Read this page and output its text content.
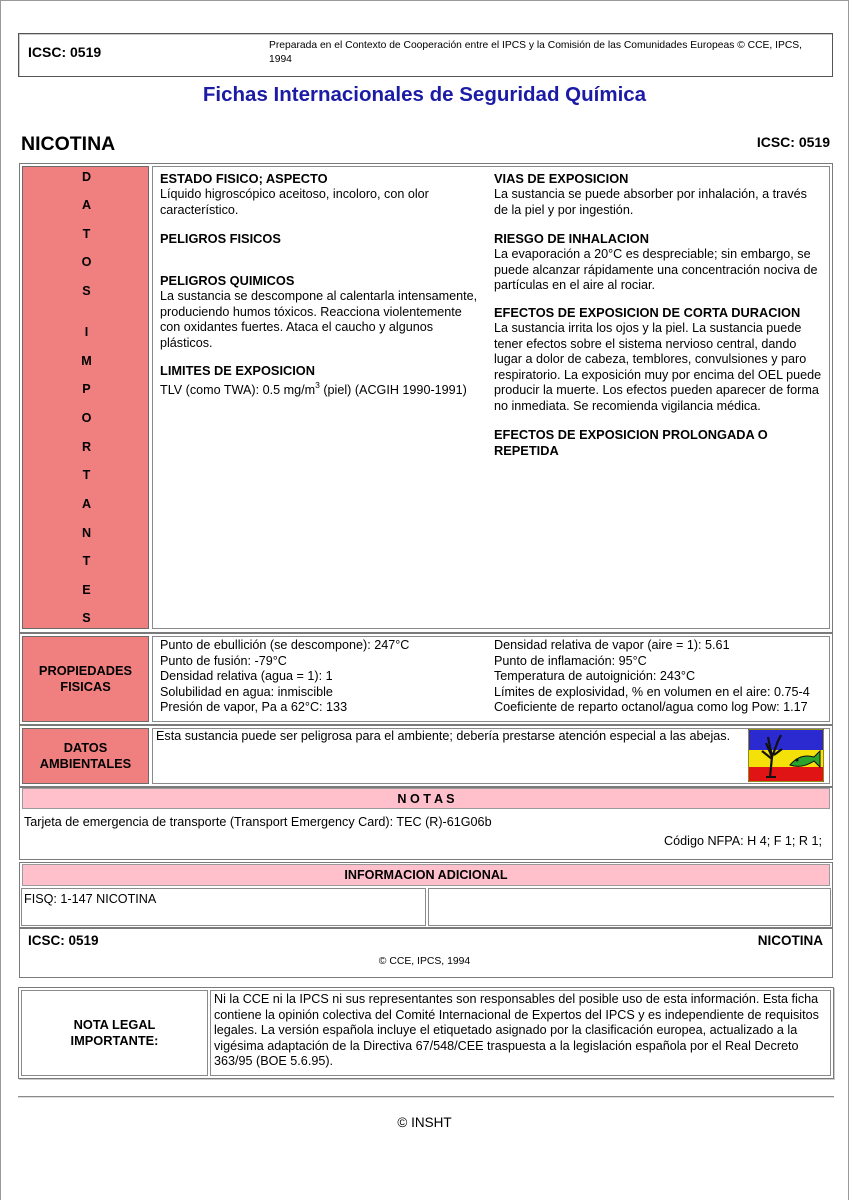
ICSC: 0519	Preparada en el Contexto de Cooperación entre el IPCS y la Comisión de las Comunidades Europeas © CCE, IPCS, 1994
Fichas Internacionales de Seguridad Química
NICOTINA	ICSC: 0519
D
A
T
O
S
I
M
P
O
R
T
A
N
T
E
S
ESTADO FISICO; ASPECTO
Líquido higroscópico aceitoso, incoloro, con olor característico.
PELIGROS FISICOS
PELIGROS QUIMICOS
La sustancia se descompone al calentarla intensamente, produciendo humos tóxicos. Reacciona violentemente con oxidantes fuertes. Ataca el caucho y algunos plásticos.
LIMITES DE EXPOSICION
TLV (como TWA): 0.5 $mg/m^3$ (piel) (ACGIH 1990-1991)
VIAS DE EXPOSICION
La sustancia se puede absorber por inhalación, a través de la piel y por ingestión.
RIESGO DE INHALACION
La evaporación a 20°C es despreciable; sin embargo, se puede alcanzar rápidamente una concentración nociva de partículas en el aire al rociar.
EFECTOS DE EXPOSICION DE CORTA DURACION
La sustancia irrita los ojos y la piel. La sustancia puede tener efectos sobre el sistema nervioso central, dando lugar a dolor de cabeza, temblores, convulsiones y paro respiratorio. La exposición muy por encima del OEL puede producir la muerte. Los efectos pueden aparecer de forma no inmediata. Se recomienda vigilancia médica.
EFECTOS DE EXPOSICION PROLONGADA O REPETIDA
PROPIEDADES FISICAS
Punto de ebullición (se descompone): 247°C
Punto de fusión: -79°C
Densidad relativa (agua = 1): 1
Solubilidad en agua: inmiscible
Presión de vapor, Pa a 62°C: 133
Densidad relativa de vapor (aire = 1): 5.61
Punto de inflamación: 95°C
Temperatura de autoignición: 243°C
Límites de explosividad, % en volumen en el aire: 0.75-4
Coeficiente de reparto octanol/agua como log Pow: 1.17
DATOS AMBIENTALES
Esta sustancia puede ser peligrosa para el ambiente; debería prestarse atención especial a las abejas.
N O T A S
Tarjeta de emergencia de transporte (Transport Emergency Card): TEC (R)-61G06b
Código NFPA: H 4; F 1; R 1;
INFORMACION ADICIONAL
FISQ: 1-147 NICOTINA
ICSC: 0519	NICOTINA
© CCE, IPCS, 1994
NOTA LEGAL IMPORTANTE:
Ni la CCE ni la IPCS ni sus representantes son responsables del posible uso de esta información. Esta ficha contiene la opinión colectiva del Comité Internacional de Expertos del IPCS y es independiente de requisitos legales. La versión española incluye el etiquetado asignado por la clasificación europea, actualizado a la vigésima adaptación de la Directiva 67/548/CEE traspuesta a la legislación española por el Real Decreto 363/95 (BOE 5.6.95).
© INSHT
